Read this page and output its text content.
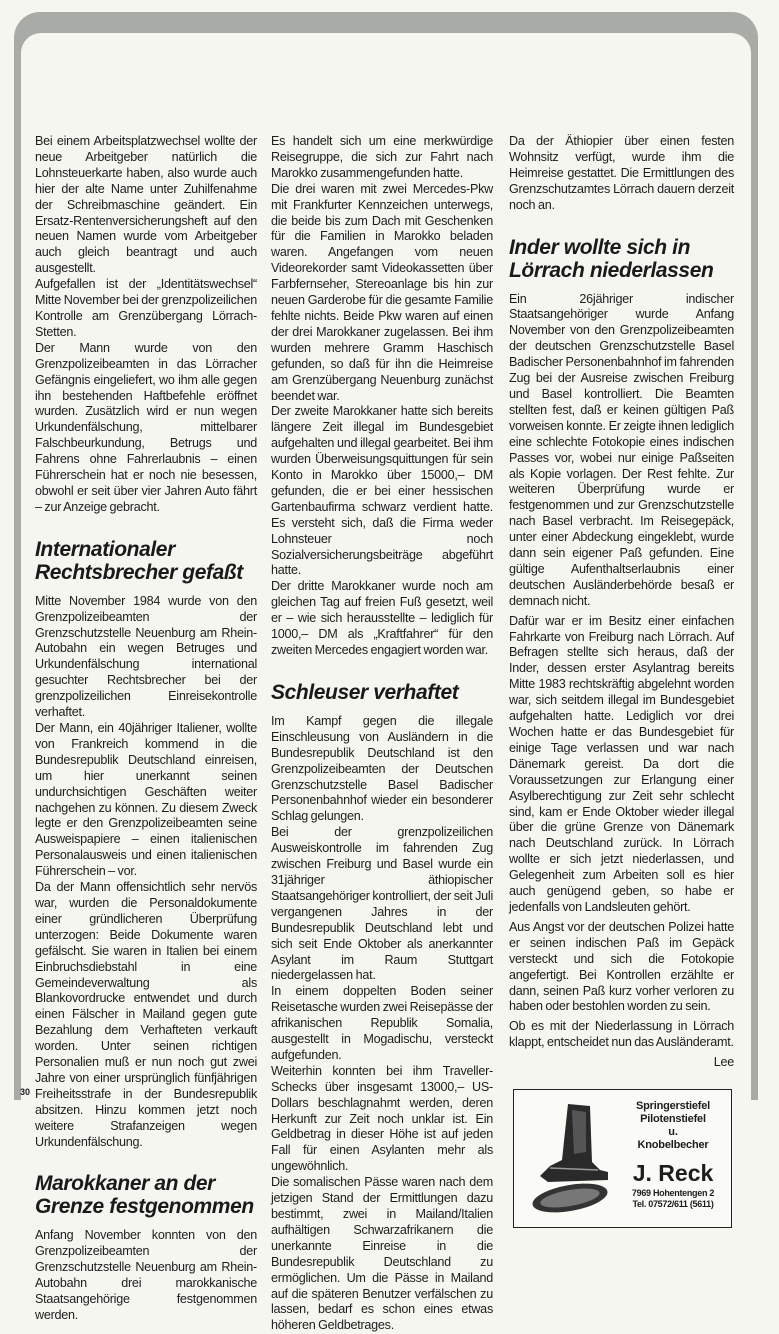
Bei einem Arbeitsplatzwechsel wollte der neue Arbeitgeber natürlich die Lohnsteuerkarte haben, also wurde auch hier der alte Name unter Zuhilfenahme der Schreibmaschine geändert. Ein Ersatz-Rentenversicherungsheft auf den neuen Namen wurde vom Arbeitgeber auch gleich beantragt und auch ausgestellt.

Aufgefallen ist der „Identitätswechsel“ Mitte November bei der grenzpolizeilichen Kontrolle am Grenzübergang Lörrach-Stetten.

Der Mann wurde von den Grenzpolizeibeamten in das Lörracher Gefängnis eingeliefert, wo ihm alle gegen ihn bestehenden Haftbefehle eröffnet wurden. Zusätzlich wird er nun wegen Urkundenfälschung, mittelbarer Falschbeurkundung, Betrugs und Fahrens ohne Fahrerlaubnis – einen Führerschein hat er noch nie besessen, obwohl er seit über vier Jahren Auto fährt – zur Anzeige gebracht.

Internationaler Rechtsbrecher gefaßt

Mitte November 1984 wurde von den Grenzpolizeibeamten der Grenzschutzstelle Neuenburg am Rhein-Autobahn ein wegen Betruges und Urkundenfälschung international gesuchter Rechtsbrecher bei der grenzpolizeilichen Einreisekontrolle verhaftet.

Der Mann, ein 40jähriger Italiener, wollte von Frankreich kommend in die Bundesrepublik Deutschland einreisen, um hier unerkannt seinen undurchsichtigen Geschäften weiter nachgehen zu können. Zu diesem Zweck legte er den Grenzpolizeibeamten seine Ausweispapiere – einen italienischen Personalausweis und einen italienischen Führerschein – vor.

Da der Mann offensichtlich sehr nervös war, wurden die Personaldokumente einer gründlicheren Überprüfung unterzogen: Beide Dokumente waren gefälscht. Sie waren in Italien bei einem Einbruchsdiebstahl in eine Gemeindeverwaltung als Blankovordrucke entwendet und durch einen Fälscher in Mailand gegen gute Bezahlung dem Verhafteten verkauft worden. Unter seinen richtigen Personalien muß er nun noch gut zwei Jahre von einer ursprünglich fünfjährigen Freiheitsstrafe in der Bundesrepublik absitzen. Hinzu kommen jetzt noch weitere Strafanzeigen wegen Urkundenfälschung.

Marokkaner an der Grenze festgenommen

Anfang November konnten von den Grenzpolizeibeamten der Grenzschutzstelle Neuenburg am Rhein-Autobahn drei marokkanische Staatsangehörige festgenommen werden.

Es handelt sich um eine merkwürdige Reisegruppe, die sich zur Fahrt nach Marokko zusammengefunden hatte.

Die drei waren mit zwei Mercedes-Pkw mit Frankfurter Kennzeichen unterwegs, die beide bis zum Dach mit Geschenken für die Familien in Marokko beladen waren. Angefangen vom neuen Videorekorder samt Videokassetten über Farbfernseher, Stereoanlage bis hin zur neuen Garderobe für die gesamte Familie fehlte nichts. Beide Pkw waren auf einen der drei Marokkaner zugelassen. Bei ihm wurden mehrere Gramm Haschisch gefunden, so daß für ihn die Heimreise am Grenzübergang Neuenburg zunächst beendet war.

Der zweite Marokkaner hatte sich bereits längere Zeit illegal im Bundesgebiet aufgehalten und illegal gearbeitet. Bei ihm wurden Überweisungsquittungen für sein Konto in Marokko über 15000,– DM gefunden, die er bei einer hessischen Gartenbaufirma schwarz verdient hatte. Es versteht sich, daß die Firma weder Lohnsteuer noch Sozialversicherungsbeiträge abgeführt hatte.

Der dritte Marokkaner wurde noch am gleichen Tag auf freien Fuß gesetzt, weil er – wie sich herausstellte – lediglich für 1000,– DM als „Kraftfahrer“ für den zweiten Mercedes engagiert worden war.

Schleuser verhaftet

Im Kampf gegen die illegale Einschleusung von Ausländern in die Bundesrepublik Deutschland ist den Grenzpolizeibeamten der Deutschen Grenzschutzstelle Basel Badischer Personenbahnhof wieder ein besonderer Schlag gelungen.

Bei der grenzpolizeilichen Ausweiskontrolle im fahrenden Zug zwischen Freiburg und Basel wurde ein 31jähriger äthiopischer Staatsangehöriger kontrolliert, der seit Juli vergangenen Jahres in der Bundesrepublik Deutschland lebt und sich seit Ende Oktober als anerkannter Asylant im Raum Stuttgart niedergelassen hat.

In einem doppelten Boden seiner Reisetasche wurden zwei Reisepässe der afrikanischen Republik Somalia, ausgestellt in Mogadischu, versteckt aufgefunden.

Weiterhin konnten bei ihm Traveller-Schecks über insgesamt 13000,– US-Dollars beschlagnahmt werden, deren Herkunft zur Zeit noch unklar ist. Ein Geldbetrag in dieser Höhe ist auf jeden Fall für einen Asylanten mehr als ungewöhnlich.

Die somalischen Pässe waren nach dem jetzigen Stand der Ermittlungen dazu bestimmt, zwei in Mailand/Italien aufhältigen Schwarzafrikanern die unerkannte Einreise in die Bundesrepublik Deutschland zu ermöglichen. Um die Pässe in Mailand auf die späteren Benutzer verfälschen zu lassen, bedarf es schon eines etwas höheren Geldbetrages.

Da der Äthiopier über einen festen Wohnsitz verfügt, wurde ihm die Heimreise gestattet. Die Ermittlungen des Grenzschutzamtes Lörrach dauern derzeit noch an.

Inder wollte sich in Lörrach niederlassen

Ein 26jähriger indischer Staatsangehöriger wurde Anfang November von den Grenzpolizeibeamten der deutschen Grenzschutzstelle Basel Badischer Personenbahnhof im fahrenden Zug bei der Ausreise zwischen Freiburg und Basel kontrolliert. Die Beamten stellten fest, daß er keinen gültigen Paß vorweisen konnte. Er zeigte ihnen lediglich eine schlechte Fotokopie eines indischen Passes vor, wobei nur einige Paßseiten als Kopie vorlagen. Der Rest fehlte. Zur weiteren Überprüfung wurde er festgenommen und zur Grenzschutzstelle nach Basel verbracht. Im Reisegepäck, unter einer Abdeckung eingeklebt, wurde dann sein eigener Paß gefunden. Eine gültige Aufenthaltserlaubnis einer deutschen Ausländerbehörde besaß er demnach nicht.

Dafür war er im Besitz einer einfachen Fahrkarte von Freiburg nach Lörrach. Auf Befragen stellte sich heraus, daß der Inder, dessen erster Asylantrag bereits Mitte 1983 rechtskräftig abgelehnt worden war, sich seitdem illegal im Bundesgebiet aufgehalten hatte. Lediglich vor drei Wochen hatte er das Bundesgebiet für einige Tage verlassen und war nach Dänemark gereist. Da dort die Voraussetzungen zur Erlangung einer Asylberechtigung zur Zeit sehr schlecht sind, kam er Ende Oktober wieder illegal über die grüne Grenze von Dänemark nach Deutschland zurück. In Lörrach wollte er sich jetzt niederlassen, und Gelegenheit zum Arbeiten soll es hier auch genügend geben, so habe er jedenfalls von Landsleuten gehört.

Aus Angst vor der deutschen Polizei hatte er seinen indischen Paß im Gepäck versteckt und sich die Fotokopie angefertigt. Bei Kontrollen erzählte er dann, seinen Paß kurz vorher verloren zu haben oder bestohlen worden zu sein.

Ob es mit der Niederlassung in Lörrach klappt, entscheidet nun das Ausländeramt.

Lee

Springerstiefel
Pilotenstiefel
u.
Knobelbecher
J. Reck
7969 Hohentengen 2
Tel. 07572/611 (5611)
30
